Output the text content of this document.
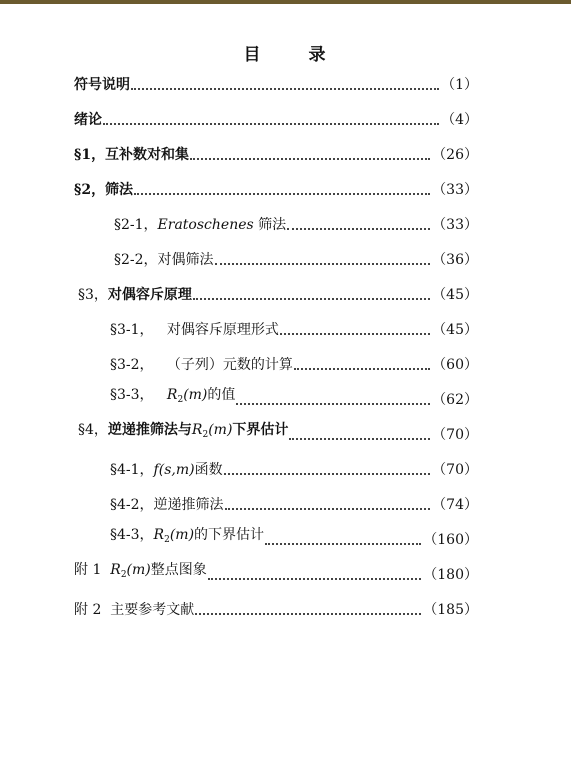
目	录
符号说明	（1）
绪论	（4）
§1，互补数对和集	（26）
§2，筛法	（33）
§2-1，Eratoschenes 筛法	（33）
§2-2，对偶筛法	（36）
§3，对偶容斥原理	（45）
§3-1，   对偶容斥原理形式	（45）
§3-2，   （子列）元数的计算	（60）
§3-3，   $R_2(m)$的值	（62）
§4，逆递推筛法与$R_2(m)$下界估计	（70）
§4-1，f(s,m)函数	（70）
§4-2，逆递推筛法	（74）
§4-3，$R_2(m)$的下界估计	（160）
附 1  $R_2(m)$整点图象	（180）
附 2  主要参考文献	（185）
